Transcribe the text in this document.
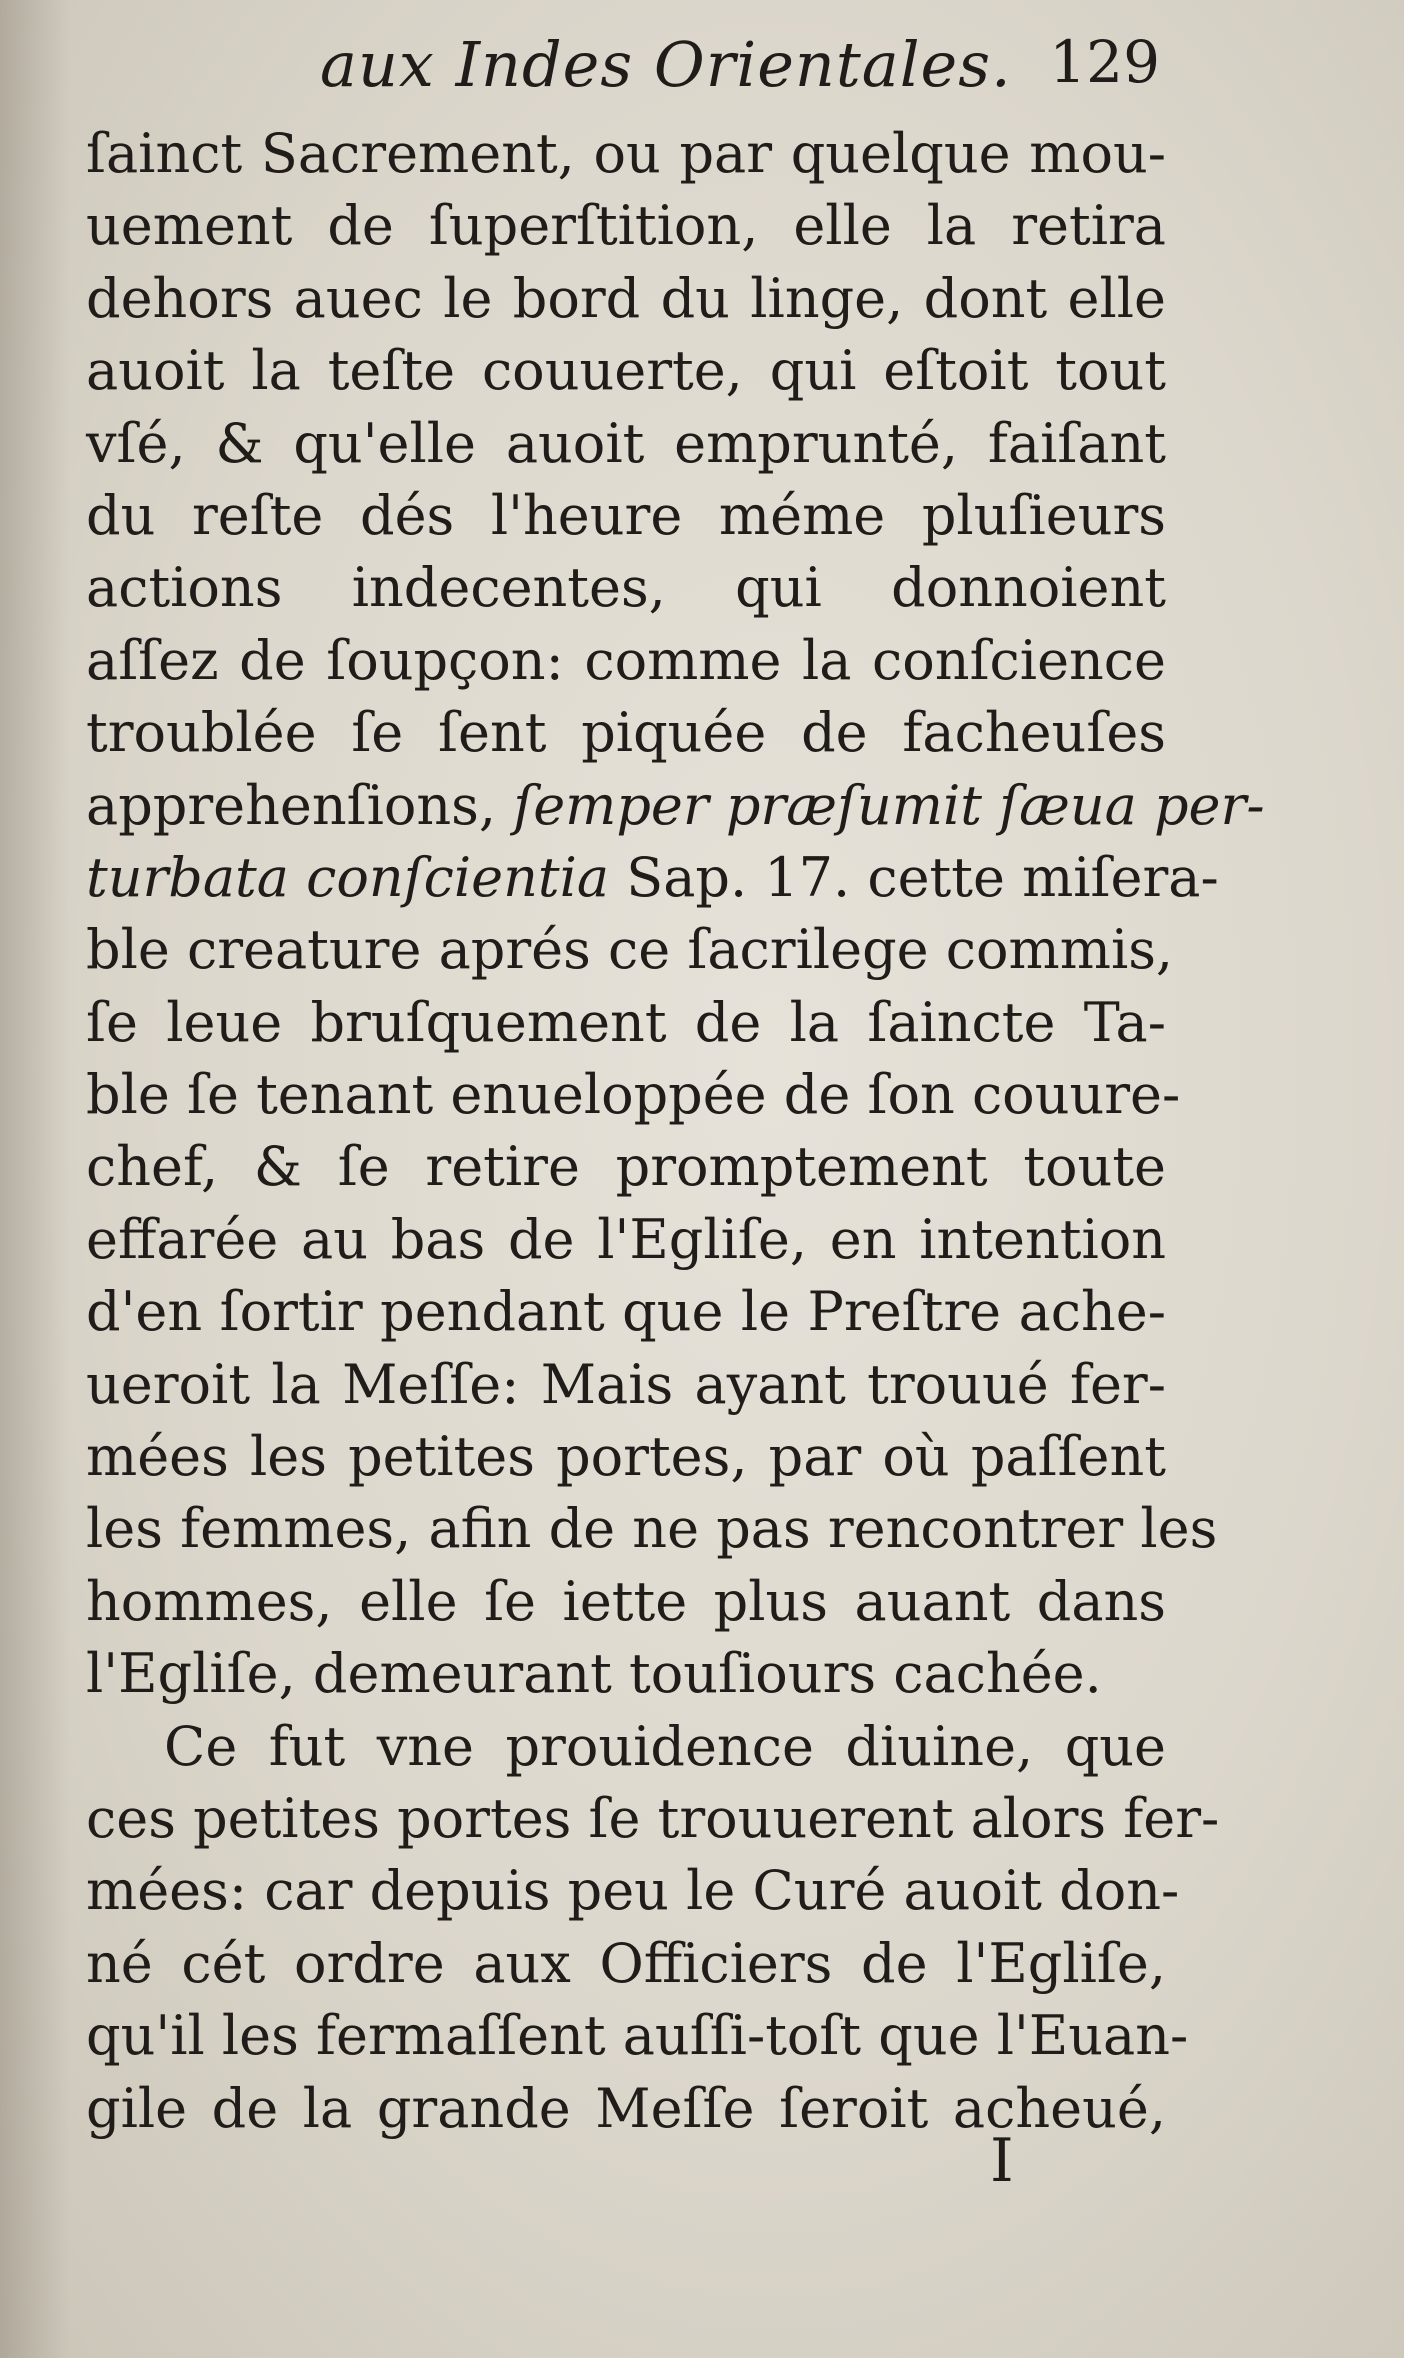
aux Indes Orientales. 129
ſainct Sacrement, ou par quelque mou-
uement de ſuperſtition, elle la retira
dehors auec le bord du linge, dont elle
auoit la teſte couuerte, qui eſtoit tout
vſé, & qu'elle auoit emprunté, faiſant
du reſte dés l'heure méme pluſieurs
actions indecentes, qui donnoient
aſſez de ſoupçon: comme la conſcience
troublée ſe ſent piquée de facheuſes
apprehenſions, ſemper præſumit ſæua per-
turbata conſcientia Sap. 17. cette miſera-
ble creature aprés ce ſacrilege commis,
ſe leue bruſquement de la ſaincte Ta-
ble ſe tenant enueloppée de ſon couure-
chef, & ſe retire promptement toute
effarée au bas de l'Egliſe, en intention
d'en ſortir pendant que le Preſtre ache-
ueroit la Meſſe: Mais ayant trouué fer-
mées les petites portes, par où paſſent
les femmes, afin de ne pas rencontrer les
hommes, elle ſe iette plus auant dans
l'Egliſe, demeurant touſiours cachée.
Ce fut vne prouidence diuine, que
ces petites portes ſe trouuerent alors fer-
mées: car depuis peu le Curé auoit don-
né cét ordre aux Officiers de l'Egliſe,
qu'il les fermaſſent auſſi-toſt que l'Euan-
gile de la grande Meſſe ſeroit acheué,
I
